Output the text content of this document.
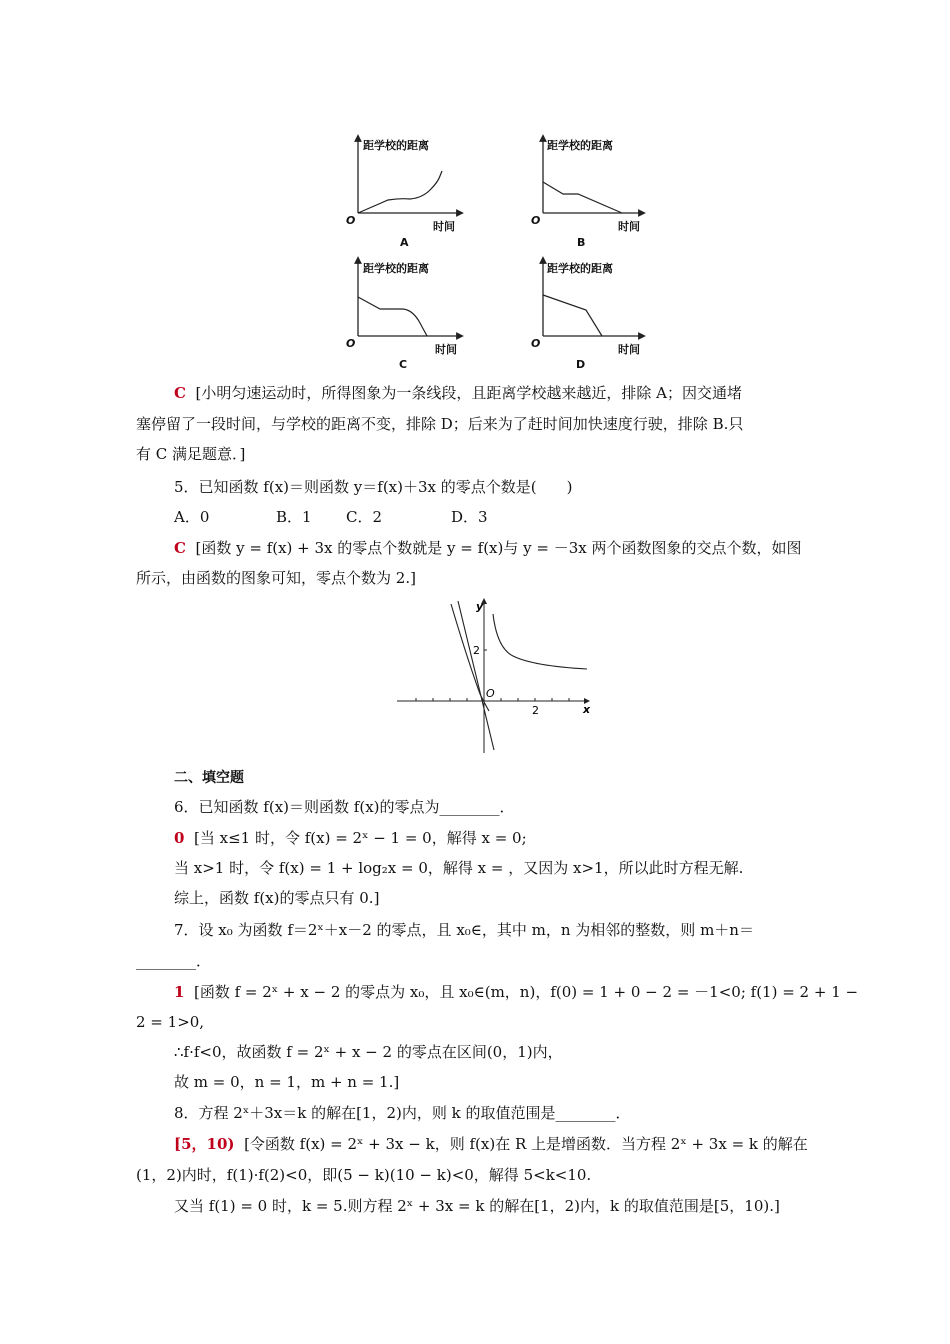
距学校的距离
时间
O
A
距学校的距离
时间
O
B
距学校的距离
时间
O
C
距学校的距离
时间
O
D
C [小明匀速运动时，所得图象为一条线段，且距离学校越来越近，排除 A；因交通堵
塞停留了一段时间，与学校的距离不变，排除 D；后来为了赶时间加快速度行驶，排除 B.只
有 C 满足题意．]
5．已知函数 f(x)＝则函数 y＝f(x)＋3x 的零点个数是(　　)
A．0	B．1 C．2	D．3
C [函数 y = f(x) + 3x 的零点个数就是 y = f(x)与 y = －3x 两个函数图象的交点个数，如图
所示，由函数的图象可知，零点个数为 2.]
y
x
O
2
2
二、填空题
6．已知函数 f(x)＝则函数 f(x)的零点为________．
0 [当 x≤1 时，令 f(x) = 2ˣ − 1 = 0，解得 x = 0;
当 x>1 时，令 f(x) = 1 + log₂x = 0，解得 x = ，又因为 x>1，所以此时方程无解.
综上，函数 f(x)的零点只有 0.]
7．设 x₀ 为函数 f＝2ˣ＋x－2 的零点，且 x₀∈，其中 m，n 为相邻的整数，则 m＋n＝
________．
1 [函数 f = 2ˣ + x − 2 的零点为 x₀，且 x₀∈(m，n)，f(0) = 1 + 0 − 2 = －1<0; f(1) = 2 + 1 −
2 = 1>0,
∴f·f<0，故函数 f = 2ˣ + x − 2 的零点在区间(0，1)内，
故 m = 0，n = 1，m + n = 1.]
8．方程 2ˣ＋3x＝k 的解在[1，2)内，则 k 的取值范围是________．
[5，10) [令函数 f(x) = 2ˣ + 3x − k，则 f(x)在 R 上是增函数．当方程 2ˣ + 3x = k 的解在
(1，2)内时，f(1)·f(2)<0，即(5 − k)(10 − k)<0，解得 5<k<10.
又当 f(1) = 0 时，k = 5.则方程 2ˣ + 3x = k 的解在[1，2)内，k 的取值范围是[5，10).]
